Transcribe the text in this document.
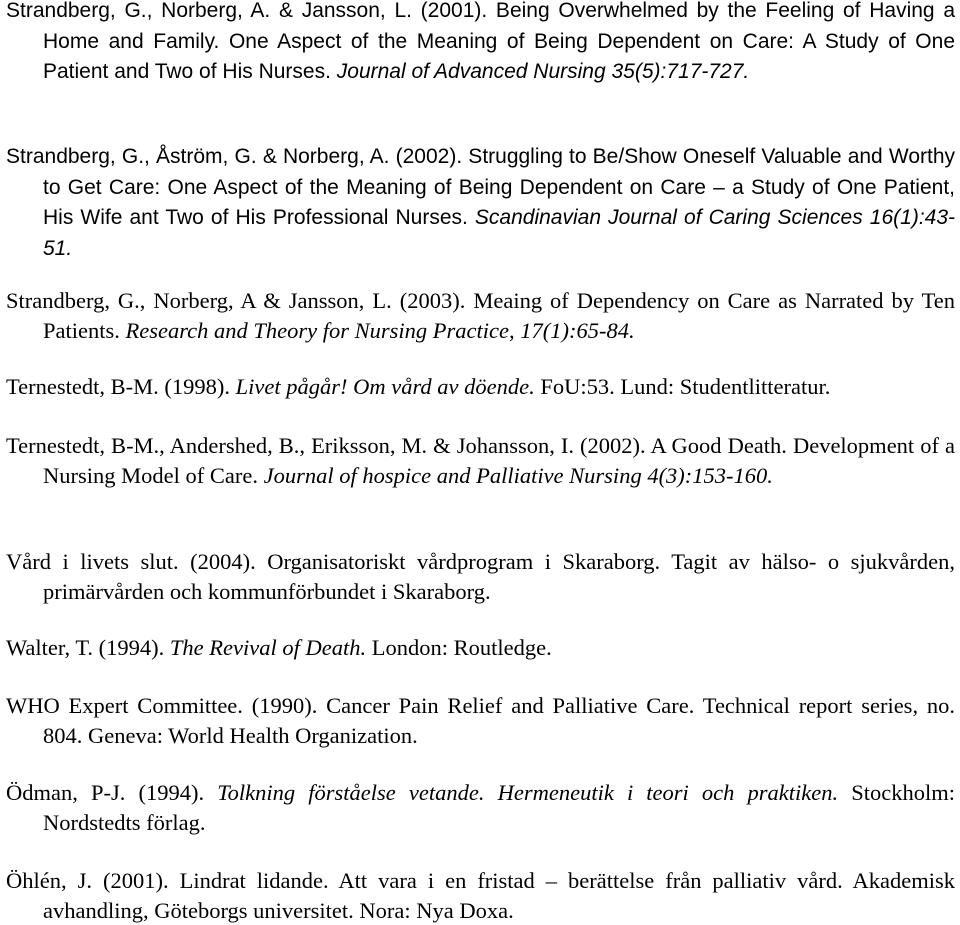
Strandberg, G., Norberg, A. & Jansson, L. (2001). Being Overwhelmed by the Feeling of Having a Home and Family. One Aspect of the Meaning of Being Dependent on Care: A Study of One Patient and Two of His Nurses. Journal of Advanced Nursing 35(5):717-727.

Strandberg, G., Åström, G. & Norberg, A. (2002). Struggling to Be/Show Oneself Valuable and Worthy to Get Care: One Aspect of the Meaning of Being Dependent on Care – a Study of One Patient, His Wife ant Two of His Professional Nurses. Scandinavian Journal of Caring Sciences 16(1):43-51.

Strandberg, G., Norberg, A & Jansson, L. (2003). Meaing of Dependency on Care as Narrated by Ten Patients. Research and Theory for Nursing Practice, 17(1):65-84.

Ternestedt, B-M. (1998). Livet pågår! Om vård av döende. FoU:53. Lund: Studentlitteratur.

Ternestedt, B-M., Andershed, B., Eriksson, M. & Johansson, I. (2002). A Good Death. Development of a Nursing Model of Care. Journal of hospice and Palliative Nursing 4(3):153-160.

Vård i livets slut. (2004). Organisatoriskt vårdprogram i Skaraborg. Tagit av hälso- o sjukvården, primärvården och kommunförbundet i Skaraborg.

Walter, T. (1994). The Revival of Death. London: Routledge.

WHO Expert Committee. (1990). Cancer Pain Relief and Palliative Care. Technical report series, no. 804. Geneva: World Health Organization.

Ödman, P-J. (1994). Tolkning förståelse vetande. Hermeneutik i teori och praktiken. Stockholm: Nordstedts förlag.

Öhlén, J. (2001). Lindrat lidande. Att vara i en fristad – berättelse från palliativ vård. Akademisk avhandling, Göteborgs universitet. Nora: Nya Doxa.
